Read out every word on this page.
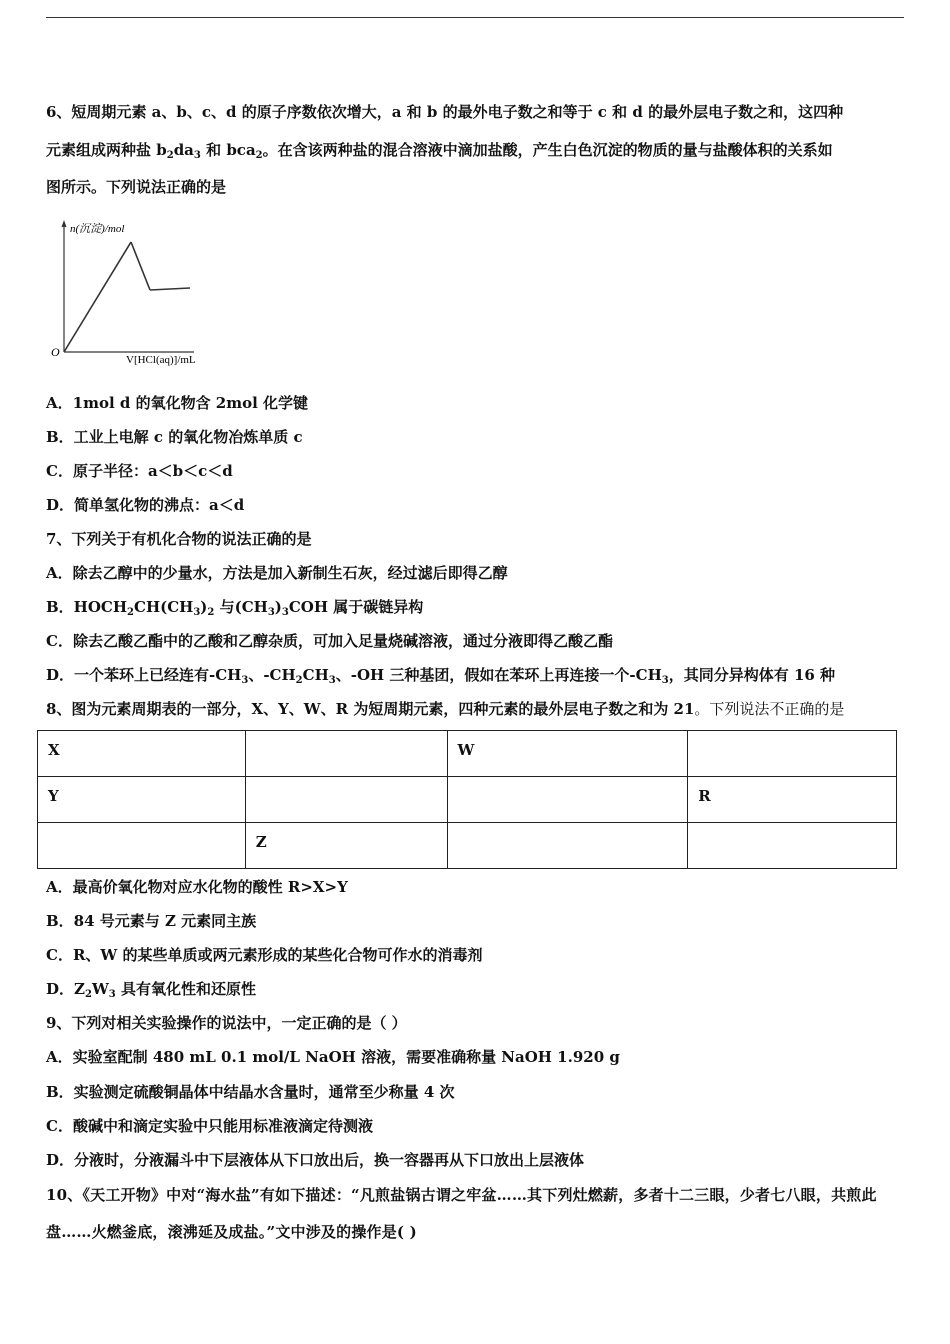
6、短周期元素 a、b、c、d 的原子序数依次增大，a 和 b 的最外电子数之和等于 c 和 d 的最外层电子数之和，这四种
元素组成两种盐 $b_2da_3$ 和 bca$_2$。在含该两种盐的混合溶液中滴加盐酸，产生白色沉淀的物质的量与盐酸体积的关系如
图所示。下列说法正确的是
n(沉淀)/mol
O
V[HCl(aq)]/mL
A．1mol d 的氧化物含 2mol 化学键
B．工业上电解 c 的氧化物冶炼单质 c
C．原子半径：a＜b＜c＜d
D．简单氢化物的沸点：a＜d
7、下列关于有机化合物的说法正确的是
A．除去乙醇中的少量水，方法是加入新制生石灰，经过滤后即得乙醇
B．$HOCH_2CH(CH_3)_2$ 与$(CH_3)_3COH$ 属于碳链异构
C．除去乙酸乙酯中的乙酸和乙醇杂质，可加入足量烧碱溶液，通过分液即得乙酸乙酯
D．一个苯环上已经连有$-CH_3$、$-CH_2CH_3$、-OH 三种基团，假如在苯环上再连接一个$-CH_3$，其同分异构体有 16 种
8、图为元素周期表的一部分，X、Y、W、R 为短周期元素，四种元素的最外层电子数之和为 21。下列说法不正确的是
X		W	
Y			R
	Z		
A．最高价氧化物对应水化物的酸性 R>X>Y
B．84 号元素与 Z 元素同主族
C．R、W 的某些单质或两元素形成的某些化合物可作水的消毒剂
D．$Z_2W_3$ 具有氧化性和还原性
9、下列对相关实验操作的说法中，一定正确的是（ ）
A．实验室配制 480 mL 0.1 mol/L NaOH 溶液，需要准确称量 NaOH 1.920 g
B．实验测定硫酸铜晶体中结晶水含量时，通常至少称量 4 次
C．酸碱中和滴定实验中只能用标准液滴定待测液
D．分液时，分液漏斗中下层液体从下口放出后，换一容器再从下口放出上层液体
10、《天工开物》中对“海水盐”有如下描述：“凡煎盐锅古谓之牢盆……其下列灶燃薪，多者十二三眼，少者七八眼，共煎此盘……火燃釜底，滚沸延及成盐。”文中涉及的操作是( )
